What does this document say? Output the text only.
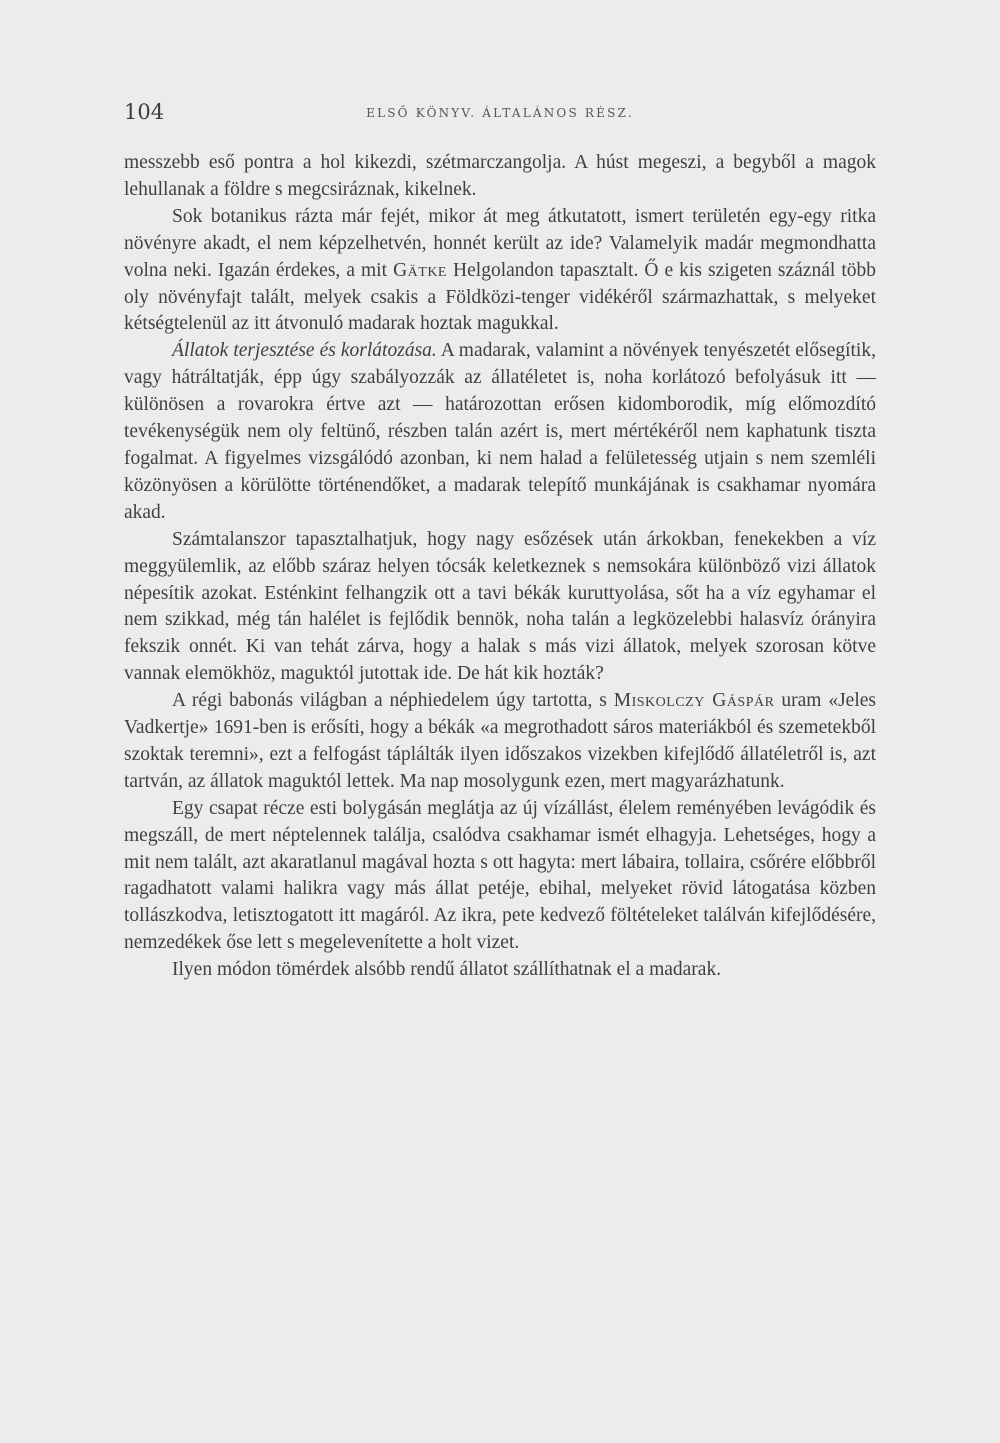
104	ELSŐ KÖNYV. ÁLTALÁNOS RÉSZ.

messzebb eső pontra a hol kikezdi, szétmarczangolja. A húst megeszi, a begyből a magok lehullanak a földre s megcsiráznak, kikelnek.

Sok botanikus rázta már fejét, mikor át meg átkutatott, ismert területén egy-egy ritka növényre akadt, el nem képzelhetvén, honnét került az ide? Valamelyik madár megmondhatta volna neki. Igazán érdekes, a mit Gätke Helgolandon tapasztalt. Ő e kis szigeten száznál több oly növényfajt talált, melyek csakis a Földközi-tenger vidékéről származhattak, s melyeket kétségtelenül az itt átvonuló madarak hoztak magukkal.

Állatok terjesztése és korlátozása. A madarak, valamint a növények tenyészetét elősegítik, vagy hátráltatják, épp úgy szabályozzák az állatéletet is, noha korlátozó befolyásuk itt — különösen a rovarokra értve azt — határozottan erősen kidomborodik, míg előmozdító tevékenységük nem oly feltünő, részben talán azért is, mert mértékéről nem kaphatunk tiszta fogalmat. A figyelmes vizsgálódó azonban, ki nem halad a felületesség utjain s nem szemléli közönyösen a körülötte történendőket, a madarak telepítő munkájának is csakhamar nyomára akad.

Számtalanszor tapasztalhatjuk, hogy nagy esőzések után árkokban, fenekekben a víz meggyülemlik, az előbb száraz helyen tócsák keletkeznek s nemsokára különböző vizi állatok népesítik azokat. Esténkint felhangzik ott a tavi békák kuruttyolása, sőt ha a víz egyhamar el nem szikkad, még tán halélet is fejlődik bennök, noha talán a legközelebbi halasvíz órányira fekszik onnét. Ki van tehát zárva, hogy a halak s más vizi állatok, melyek szorosan kötve vannak elemökhöz, maguktól jutottak ide. De hát kik hozták?

A régi babonás világban a néphiedelem úgy tartotta, s Miskolczy Gáspár uram «Jeles Vadkertje» 1691-ben is erősíti, hogy a békák «a megrothadott sáros materiákból és szemetekből szoktak teremni», ezt a felfogást táplálták ilyen időszakos vizekben kifejlődő állatéletről is, azt tartván, az állatok maguktól lettek. Ma nap mosolygunk ezen, mert magyarázhatunk.

Egy csapat récze esti bolygásán meglátja az új vízállást, élelem reményében levágódik és megszáll, de mert néptelennek találja, csalódva csakhamar ismét elhagyja. Lehetséges, hogy a mit nem talált, azt akaratlanul magával hozta s ott hagyta: mert lábaira, tollaira, csőrére előbbről ragadhatott valami halikra vagy más állat petéje, ebihal, melyeket rövid látogatása közben tollászkodva, letisztogatott itt magáról. Az ikra, pete kedvező föltételeket találván kifejlődésére, nemzedékek őse lett s megelevenítette a holt vizet.

Ilyen módon tömérdek alsóbb rendű állatot szállíthatnak el a madarak.
